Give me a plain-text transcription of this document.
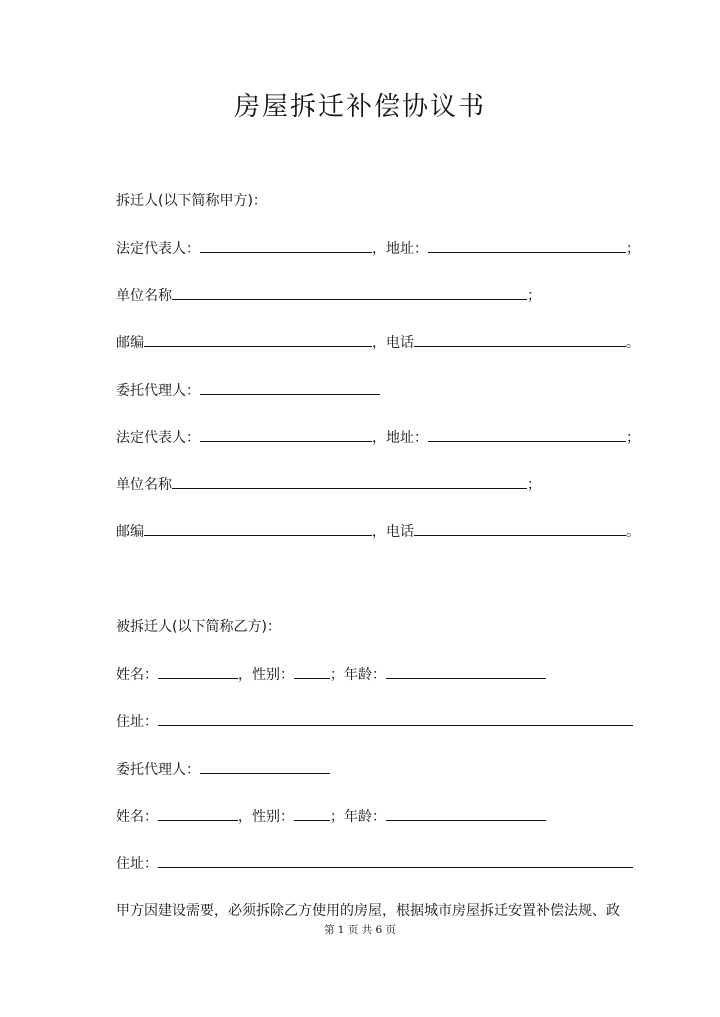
房屋拆迁补偿协议书
拆迁人(以下简称甲方)：
法定代表人：	，地址：	；
单位名称	；
邮编	，电话	。
委托代理人：
法定代表人：	，地址：	；
单位名称	；
邮编	，电话	。
被拆迁人(以下简称乙方)：
姓名：	，性别：	；年龄：
住址：
委托代理人：
姓名：	，性别：	；年龄：
住址：
甲方因建设需要，必须拆除乙方使用的房屋，根据城市房屋拆迁安置补偿法规、政
第 1 页 共 6 页
